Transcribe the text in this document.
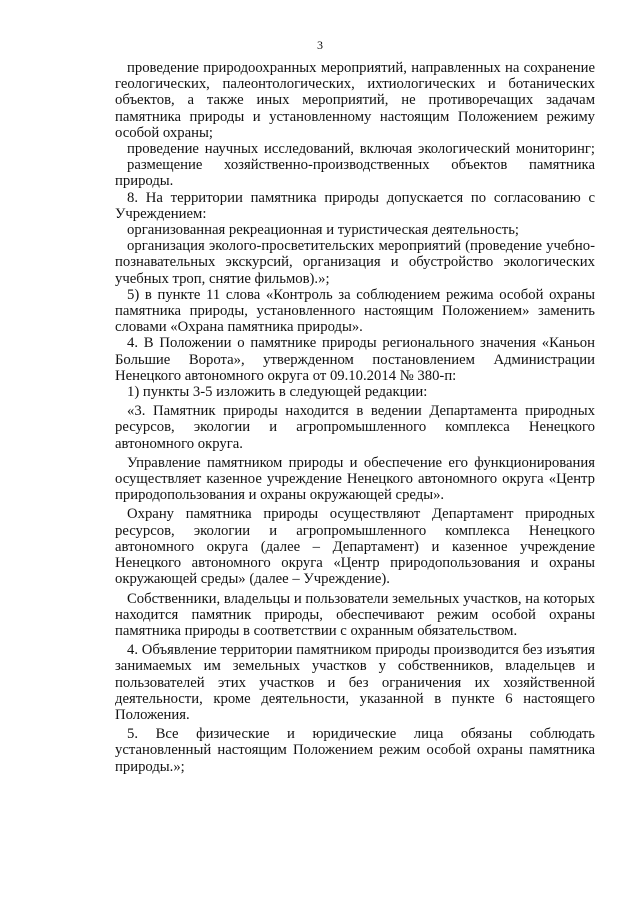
3

проведение природоохранных мероприятий, направленных на сохранение геологических, палеонтологических, ихтиологических и ботанических объектов, а также иных мероприятий, не противоречащих задачам памятника природы и установленному настоящим Положением режиму особой охраны;

проведение научных исследований, включая экологический мониторинг;

размещение хозяйственно-производственных объектов памятника природы.

8. На территории памятника природы допускается по согласованию с Учреждением:

организованная рекреационная и туристическая деятельность;

организация эколого-просветительских мероприятий (проведение учебно-познавательных экскурсий, организация и обустройство экологических учебных троп, снятие фильмов).»;

5) в пункте 11 слова «Контроль за соблюдением режима особой охраны памятника природы, установленного настоящим Положением» заменить словами «Охрана памятника природы».

4. В Положении о памятнике природы регионального значения «Каньон Большие Ворота», утвержденном постановлением Администрации Ненецкого автономного округа от 09.10.2014 № 380-п:

1) пункты 3-5 изложить в следующей редакции:

«3. Памятник природы находится в ведении Департамента природных ресурсов, экологии и агропромышленного комплекса Ненецкого автономного округа.

Управление памятником природы и обеспечение его функционирования осуществляет казенное учреждение Ненецкого автономного округа «Центр природопользования и охраны окружающей среды».

Охрану памятника природы осуществляют Департамент природных ресурсов, экологии и агропромышленного комплекса Ненецкого автономного округа (далее – Департамент) и казенное учреждение Ненецкого автономного округа «Центр природопользования и охраны окружающей среды» (далее – Учреждение).

Собственники, владельцы и пользователи земельных участков, на которых находится памятник природы, обеспечивают режим особой охраны памятника природы в соответствии с охранным обязательством.

4. Объявление территории памятником природы производится без изъятия занимаемых им земельных участков у собственников, владельцев и пользователей этих участков и без ограничения их хозяйственной деятельности, кроме деятельности, указанной в пункте 6 настоящего Положения.

5. Все физические и юридические лица обязаны соблюдать установленный настоящим Положением режим особой охраны памятника природы.»;
